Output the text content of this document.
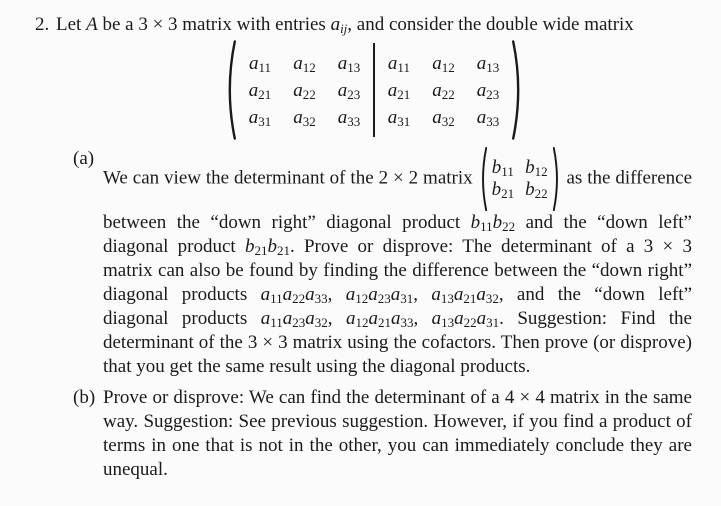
2. Let A be a 3 × 3 matrix with entries $a_{ij}$, and consider the double wide matrix

$a_{11}$ $a_{12}$ $a_{13}$
$a_{21}$ $a_{22}$ $a_{23}$
$a_{31}$ $a_{32}$ $a_{33}$
$a_{11}$ $a_{12}$ $a_{13}$
$a_{21}$ $a_{22}$ $a_{23}$
$a_{31}$ $a_{32}$ $a_{33}$
(a)
We can view the determinant of the 2 × 2 matrix $b_{11}$ $b_{12}$
$b_{21}$ $b_{22}$
as the difference between the “down right” diagonal product $b_{11}b_{22}$ and the “down left” diagonal product $b_{21}b_{21}$. Prove or disprove: The determinant of a 3 × 3 matrix can also be found by finding the difference between the “down right” diagonal products $a_{11}a_{22}a_{33}$, $a_{12}a_{23}a_{31}$, $a_{13}a_{21}a_{32}$, and the “down left” diagonal products $a_{11}a_{23}a_{32}$, $a_{12}a_{21}a_{33}$, $a_{13}a_{22}a_{31}$. Suggestion: Find the determinant of the 3 × 3 matrix using the cofactors. Then prove (or disprove) that you get the same result using the diagonal products.
(b) Prove or disprove: We can find the determinant of a 4 × 4 matrix in the same way. Suggestion: See previous suggestion. However, if you find a product of terms in one that is not in the other, you can immediately conclude they are unequal.
